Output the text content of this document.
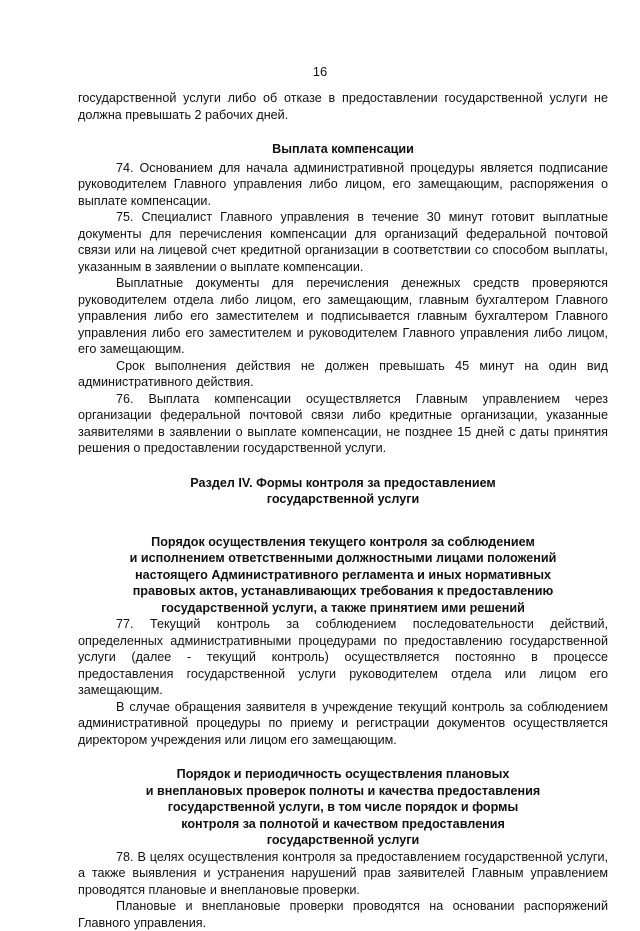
16

государственной услуги либо об отказе в предоставлении государственной услуги не должна превышать 2 рабочих дней.

Выплата компенсации

74. Основанием для начала административной процедуры является подписание руководителем Главного управления либо лицом, его замещающим, распоряжения о выплате компенсации.

75. Специалист Главного управления в течение 30 минут готовит выплатные документы для перечисления компенсации для организаций федеральной почтовой связи или на лицевой счет кредитной организации в соответствии со способом выплаты, указанным в заявлении о выплате компенсации.

Выплатные документы для перечисления денежных средств проверяются руководителем отдела либо лицом, его замещающим, главным бухгалтером Главного управления либо его заместителем и подписывается главным бухгалтером Главного управления либо его заместителем и руководителем Главного управления либо лицом, его замещающим.

Срок выполнения действия не должен превышать 45 минут на один вид административного действия.

76. Выплата компенсации осуществляется Главным управлением через организации федеральной почтовой связи либо кредитные организации, указанные заявителями в заявлении о выплате компенсации, не позднее 15 дней с даты принятия решения о предоставлении государственной услуги.

Раздел IV. Формы контроля за предоставлением
государственной услуги
Порядок осуществления текущего контроля за соблюдением
и исполнением ответственными должностными лицами положений
настоящего Административного регламента и иных нормативных
правовых актов, устанавливающих требования к предоставлению
государственной услуги, а также принятием ими решений

77. Текущий контроль за соблюдением последовательности действий, определенных административными процедурами по предоставлению государственной услуги (далее - текущий контроль) осуществляется постоянно в процессе предоставления государственной услуги руководителем отдела или лицом его замещающим.

В случае обращения заявителя в учреждение текущий контроль за соблюдением административной процедуры по приему и регистрации документов осуществляется директором учреждения или лицом его замещающим.

Порядок и периодичность осуществления плановых
и внеплановых проверок полноты и качества предоставления
государственной услуги, в том числе порядок и формы
контроля за полнотой и качеством предоставления
государственной услуги

78. В целях осуществления контроля за предоставлением государственной услуги, а также выявления и устранения нарушений прав заявителей Главным управлением проводятся плановые и внеплановые проверки.

Плановые и внеплановые проверки проводятся на основании распоряжений Главного управления.
